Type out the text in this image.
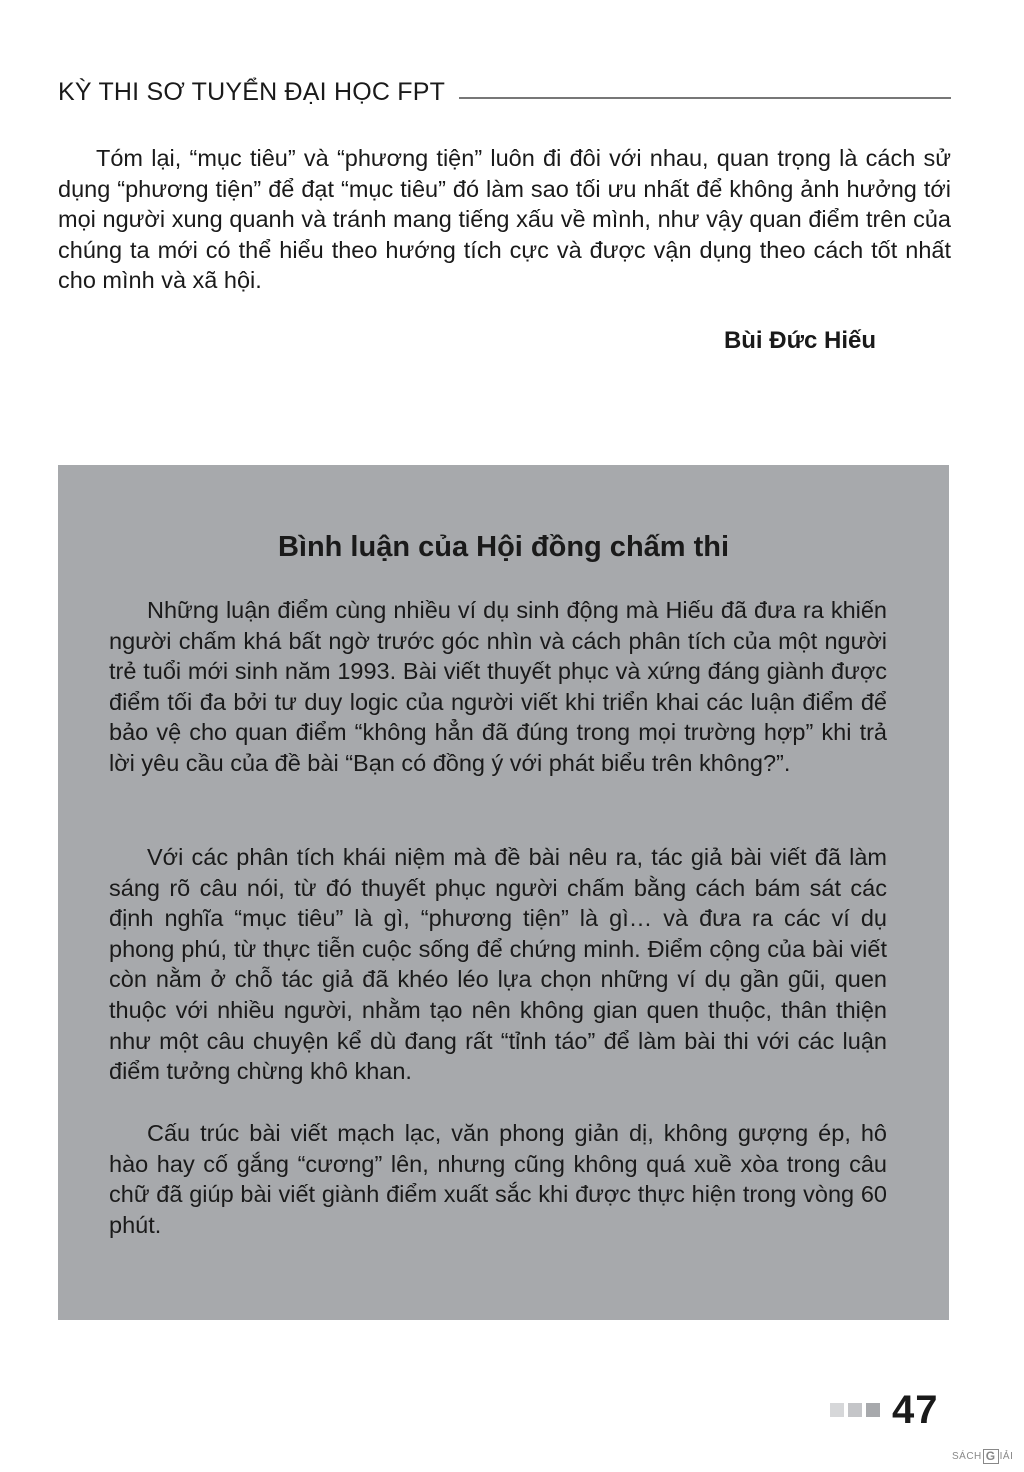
KỲ THI SƠ TUYỂN ĐẠI HỌC FPT

Tóm lại, “mục tiêu” và “phương tiện” luôn đi đôi với nhau, quan trọng là cách sử dụng “phương tiện” để đạt “mục tiêu” đó làm sao tối ưu nhất để không ảnh hưởng tới mọi người xung quanh và tránh mang tiếng xấu về mình, như vậy quan điểm trên của chúng ta mới có thể hiểu theo hướng tích cực và được vận dụng theo cách tốt nhất cho mình và xã hội.

Bùi Đức Hiếu

Bình luận của Hội đồng chấm thi

Những luận điểm cùng nhiều ví dụ sinh động mà Hiếu đã đưa ra khiến người chấm khá bất ngờ trước góc nhìn và cách phân tích của một người trẻ tuổi mới sinh năm 1993. Bài viết thuyết phục và xứng đáng giành được điểm tối đa bởi tư duy logic của người viết khi triển khai các luận điểm để bảo vệ cho quan điểm “không hẳn đã đúng trong mọi trường hợp” khi trả lời yêu cầu của đề bài “Bạn có đồng ý với phát biểu trên không?”.

Với các phân tích khái niệm mà đề bài nêu ra, tác giả bài viết đã làm sáng rõ câu nói, từ đó thuyết phục người chấm bằng cách bám sát các định nghĩa “mục tiêu” là gì, “phương tiện” là gì… và đưa ra các ví dụ phong phú, từ thực tiễn cuộc sống để chứng minh. Điểm cộng của bài viết còn nằm ở chỗ tác giả đã khéo léo lựa chọn những ví dụ gần gũi, quen thuộc với nhiều người, nhằm tạo nên không gian quen thuộc, thân thiện như một câu chuyện kể dù đang rất “tỉnh táo” để làm bài thi với các luận điểm tưởng chừng khô khan.

Cấu trúc bài viết mạch lạc, văn phong giản dị, không gượng ép, hô hào hay cố gắng “cương” lên, nhưng cũng không quá xuề xòa trong câu chữ đã giúp bài viết giành điểm xuất sắc khi được thực hiện trong vòng 60 phút.

47
SÁCH G IẢI
